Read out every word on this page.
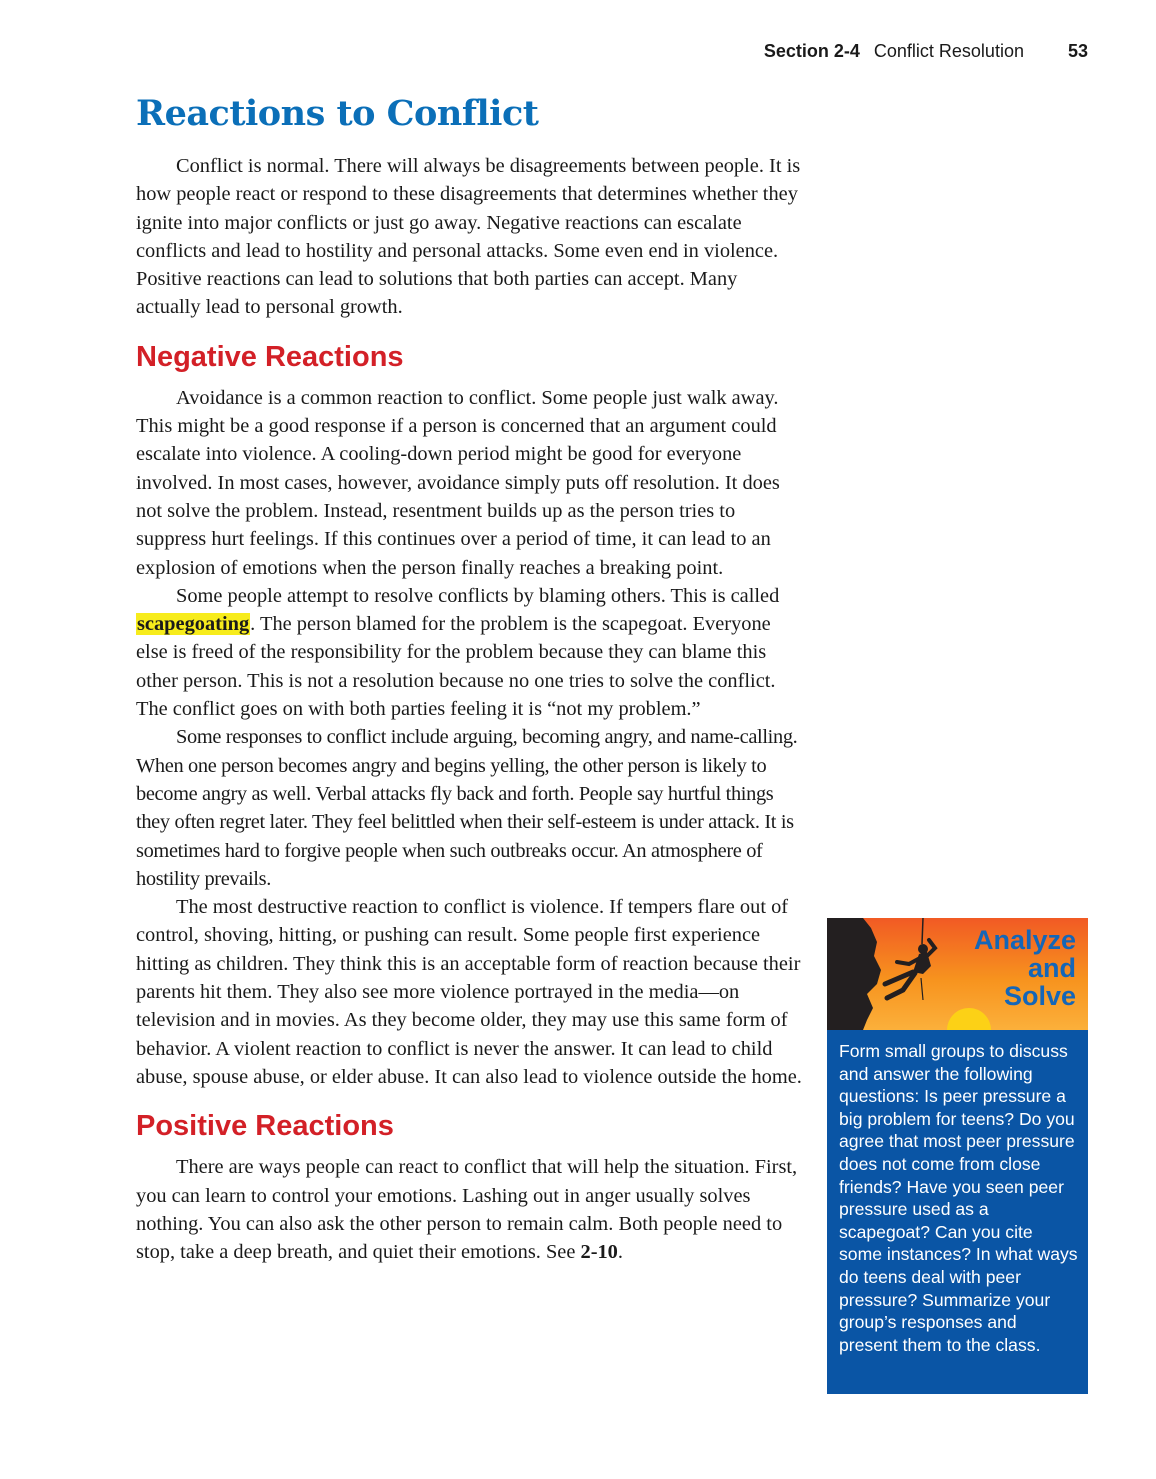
Section 2-4 Conflict Resolution 53
Reactions to Conflict

Conflict is normal. There will always be disagreements between people. It is how people react or respond to these disagreements that determines whether they ignite into major conflicts or just go away. Negative reactions can escalate conflicts and lead to hostility and personal attacks. Some even end in violence. Positive reactions can lead to solutions that both parties can accept. Many actually lead to personal growth.

Negative Reactions

Avoidance is a common reaction to conflict. Some people just walk away. This might be a good response if a person is concerned that an argument could escalate into violence. A cooling-down period might be good for everyone involved. In most cases, however, avoidance simply puts off resolution. It does not solve the problem. Instead, resentment builds up as the person tries to suppress hurt feelings. If this continues over a period of time, it can lead to an explosion of emotions when the person finally reaches a breaking point.

Some people attempt to resolve conflicts by blaming others. This is called scapegoating. The person blamed for the problem is the scapegoat. Everyone else is freed of the responsibility for the problem because they can blame this other person. This is not a resolution because no one tries to solve the conflict. The conflict goes on with both parties feeling it is “not my problem.”

Some responses to conflict include arguing, becoming angry, and name-calling. When one person becomes angry and begins yelling, the other person is likely to become angry as well. Verbal attacks fly back and forth. People say hurtful things they often regret later. They feel belittled when their self-esteem is under attack. It is sometimes hard to forgive people when such outbreaks occur. An atmosphere of hostility prevails.

The most destructive reaction to conflict is violence. If tempers flare out of control, shoving, hitting, or pushing can result. Some people first experience hitting as children. They think this is an acceptable form of reaction because their parents hit them. They also see more violence portrayed in the media—on television and in movies. As they become older, they may use this same form of behavior. A violent reaction to conflict is never the answer. It can lead to child abuse, spouse abuse, or elder abuse. It can also lead to violence outside the home.

Positive Reactions

There are ways people can react to conflict that will help the situation. First, you can learn to control your emotions. Lashing out in anger usually solves nothing. You can also ask the other person to remain calm. Both people need to stop, take a deep breath, and quiet their emotions. See 2-10.

Analyze
and
Solve

Form small groups to discuss and answer the following questions: Is peer pressure a big problem for teens? Do you agree that most peer pressure does not come from close friends? Have you seen peer pressure used as a scapegoat? Can you cite some instances? In what ways do teens deal with peer pressure? Summarize your group’s responses and present them to the class.
